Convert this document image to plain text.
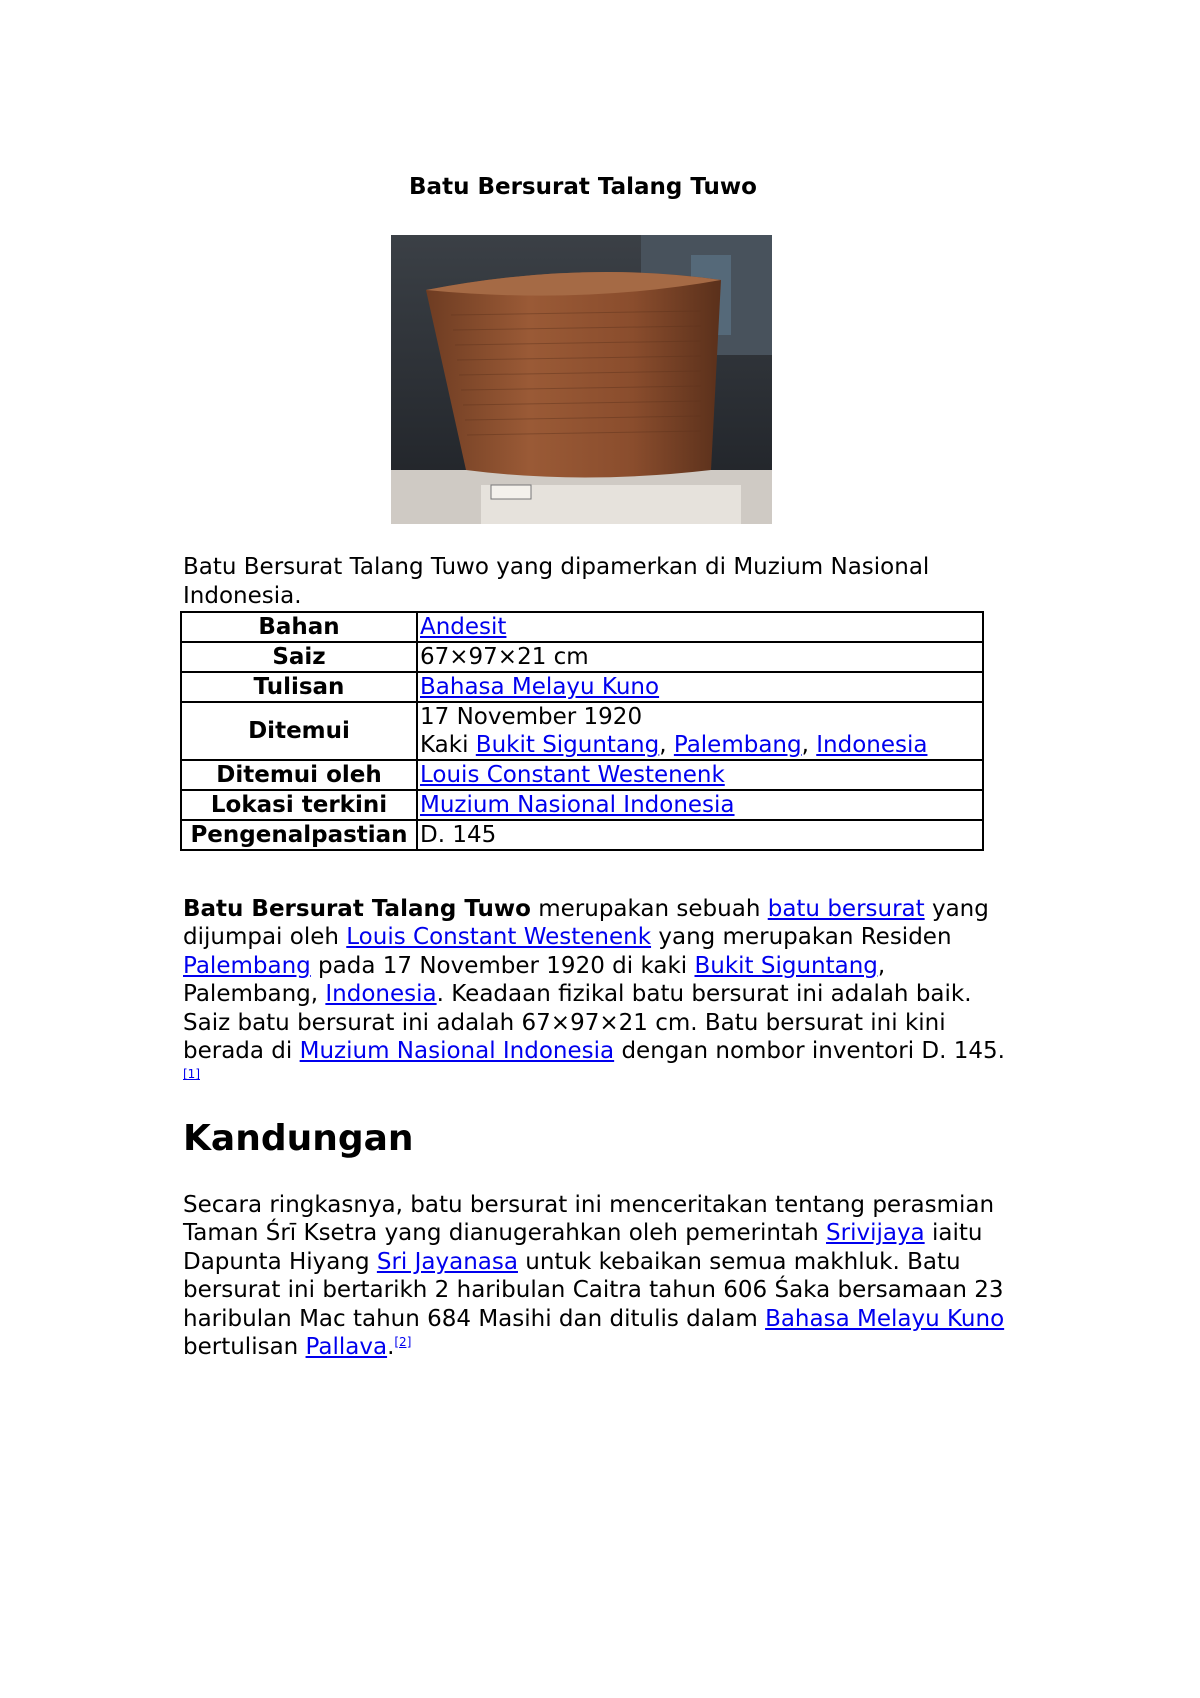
Batu Bersurat Talang Tuwo
Batu Bersurat Talang Tuwo yang dipamerkan di Muzium Nasional Indonesia.
Bahan	Andesit
Saiz	67×97×21 cm
Tulisan	Bahasa Melayu Kuno
Ditemui	17 November 1920
Kaki Bukit Siguntang, Palembang, Indonesia
Ditemui oleh	Louis Constant Westenenk
Lokasi terkini	Muzium Nasional Indonesia
Pengenalpastian	D. 145
Batu Bersurat Talang Tuwo merupakan sebuah batu bersurat yang dijumpai oleh Louis Constant Westenenk yang merupakan Residen Palembang pada 17 November 1920 di kaki Bukit Siguntang, Palembang, Indonesia. Keadaan fizikal batu bersurat ini adalah baik. Saiz batu bersurat ini adalah 67×97×21 cm. Batu bersurat ini kini berada di Muzium Nasional Indonesia dengan nombor inventori D. 145.[1]
Kandungan
Secara ringkasnya, batu bersurat ini menceritakan tentang perasmian Taman Śrī Ksetra yang dianugerahkan oleh pemerintah Srivijaya iaitu Dapunta Hiyang Sri Jayanasa untuk kebaikan semua makhluk. Batu bersurat ini bertarikh 2 haribulan Caitra tahun 606 Śaka bersamaan 23 haribulan Mac tahun 684 Masihi dan ditulis dalam Bahasa Melayu Kuno bertulisan Pallava.[2]
